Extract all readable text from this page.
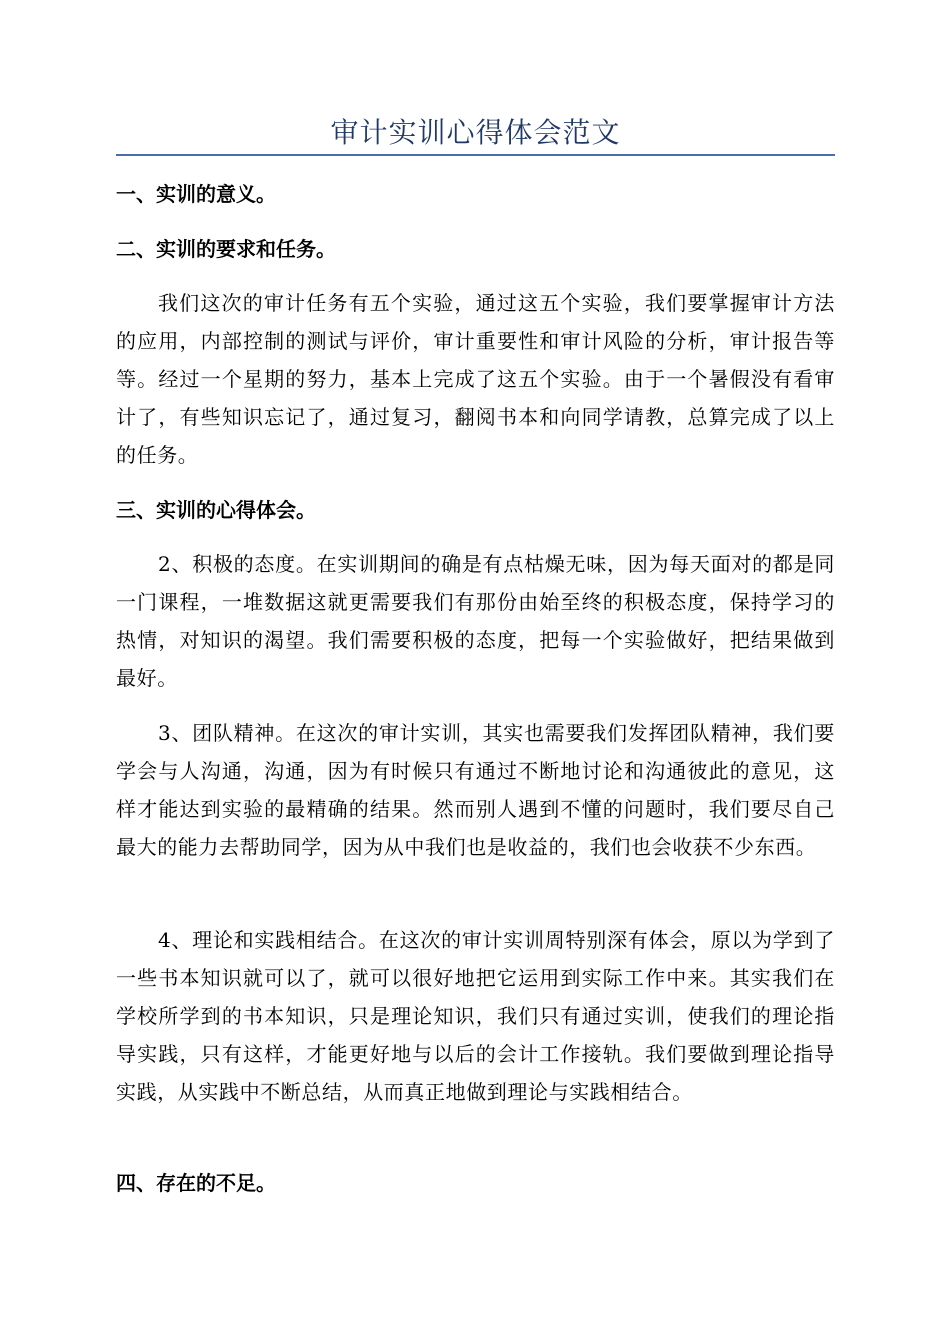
审计实训心得体会范文
一、实训的意义。
二、实训的要求和任务。
我们这次的审计任务有五个实验，通过这五个实验，我们要掌握审计方法的应用，内部控制的测试与评价，审计重要性和审计风险的分析，审计报告等等。经过一个星期的努力，基本上完成了这五个实验。由于一个暑假没有看审计了，有些知识忘记了，通过复习，翻阅书本和向同学请教，总算完成了以上的任务。
三、实训的心得体会。
2、积极的态度。在实训期间的确是有点枯燥无味，因为每天面对的都是同一门课程，一堆数据这就更需要我们有那份由始至终的积极态度，保持学习的热情，对知识的渴望。我们需要积极的态度，把每一个实验做好，把结果做到最好。
3、团队精神。在这次的审计实训，其实也需要我们发挥团队精神，我们要学会与人沟通，沟通，因为有时候只有通过不断地讨论和沟通彼此的意见，这样才能达到实验的最精确的结果。然而别人遇到不懂的问题时，我们要尽自己最大的能力去帮助同学，因为从中我们也是收益的，我们也会收获不少东西。
4、理论和实践相结合。在这次的审计实训周特别深有体会，原以为学到了一些书本知识就可以了，就可以很好地把它运用到实际工作中来。其实我们在学校所学到的书本知识，只是理论知识，我们只有通过实训，使我们的理论指导实践，只有这样，才能更好地与以后的会计工作接轨。我们要做到理论指导实践，从实践中不断总结，从而真正地做到理论与实践相结合。
四、存在的不足。
